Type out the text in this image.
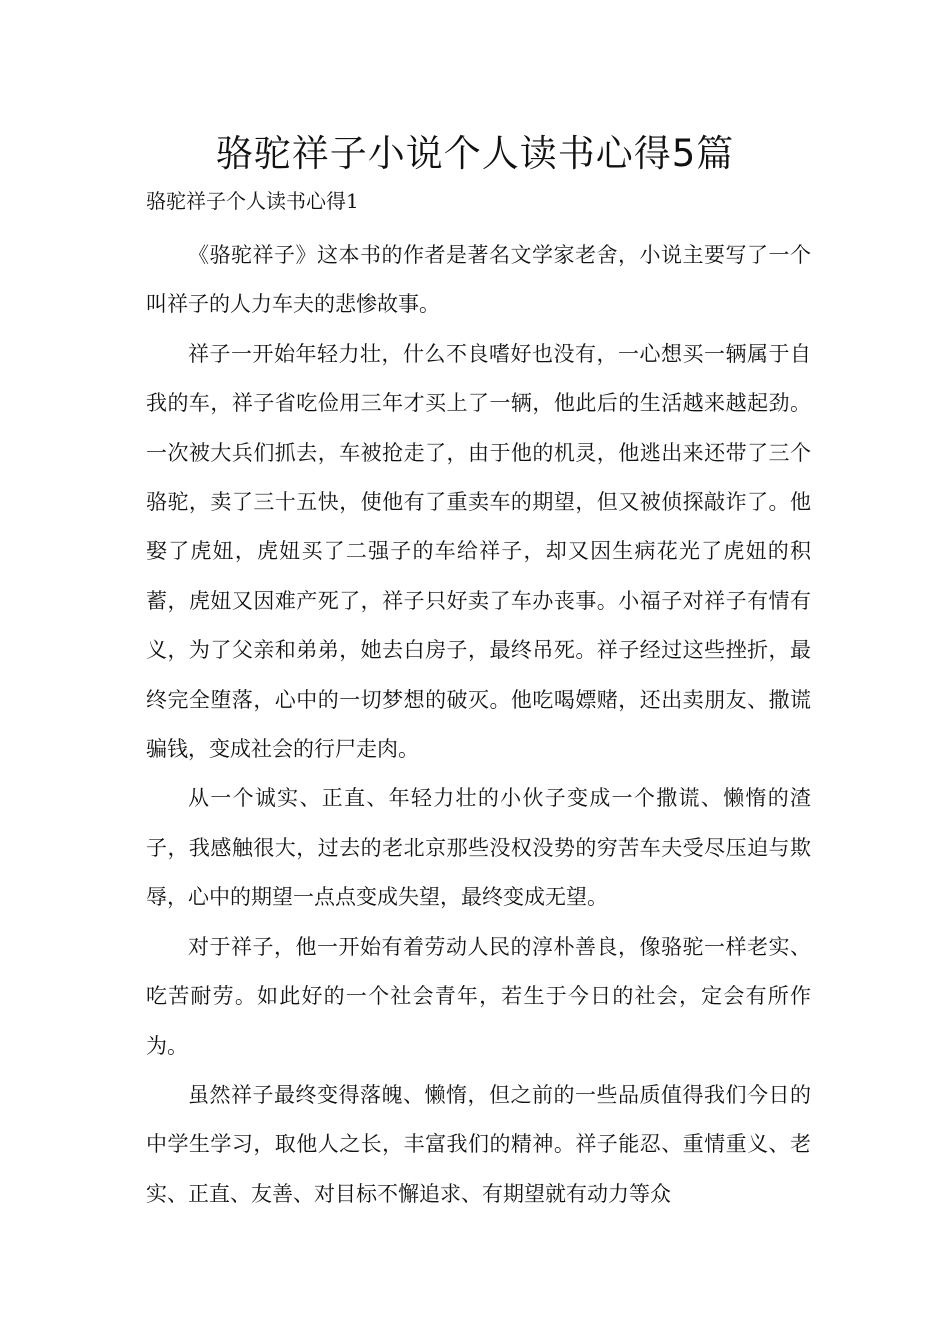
骆驼祥子小说个人读书心得5篇
骆驼祥子个人读书心得1

《骆驼祥子》这本书的作者是著名文学家老舍，小说主要写了一个叫祥子的人力车夫的悲惨故事。

祥子一开始年轻力壮，什么不良嗜好也没有，一心想买一辆属于自我的车，祥子省吃俭用三年才买上了一辆，他此后的生活越来越起劲。一次被大兵们抓去，车被抢走了，由于他的机灵，他逃出来还带了三个骆驼，卖了三十五快，使他有了重卖车的期望，但又被侦探敲诈了。他娶了虎妞，虎妞买了二强子的车给祥子，却又因生病花光了虎妞的积蓄，虎妞又因难产死了，祥子只好卖了车办丧事。小福子对祥子有情有义，为了父亲和弟弟，她去白房子，最终吊死。祥子经过这些挫折，最终完全堕落，心中的一切梦想的破灭。他吃喝嫖赌，还出卖朋友、撒谎骗钱，变成社会的行尸走肉。

从一个诚实、正直、年轻力壮的小伙子变成一个撒谎、懒惰的渣子，我感触很大，过去的老北京那些没权没势的穷苦车夫受尽压迫与欺辱，心中的期望一点点变成失望，最终变成无望。

对于祥子，他一开始有着劳动人民的淳朴善良，像骆驼一样老实、吃苦耐劳。如此好的一个社会青年，若生于今日的社会，定会有所作为。

虽然祥子最终变得落魄、懒惰，但之前的一些品质值得我们今日的中学生学习，取他人之长，丰富我们的精神。祥子能忍、重情重义、老实、正直、友善、对目标不懈追求、有期望就有动力等众
